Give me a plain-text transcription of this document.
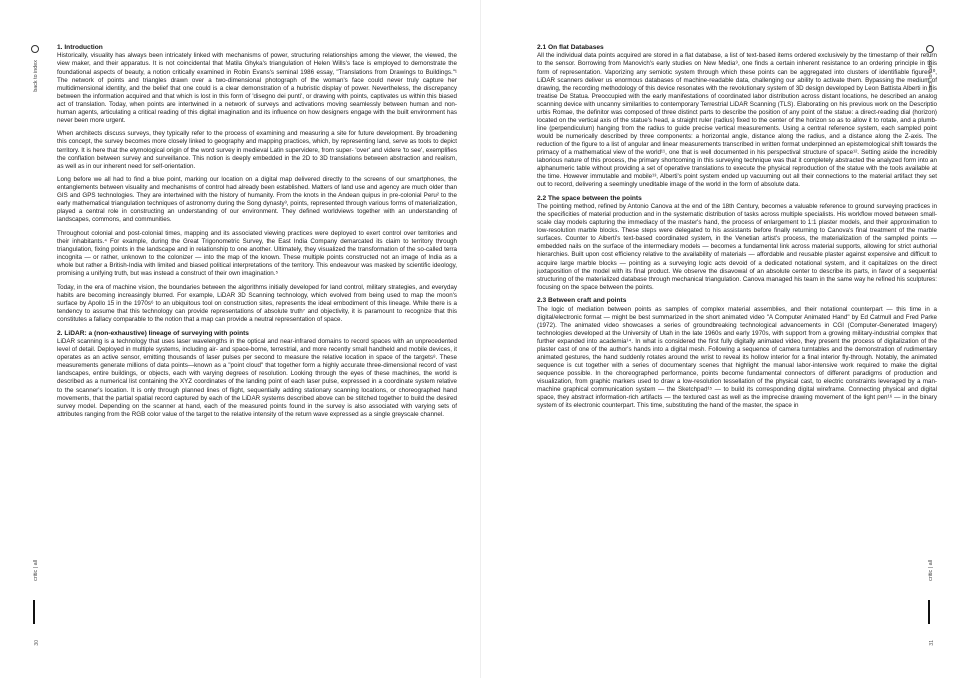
back to index
critic | all
30
1. Introduction

Historically, visuality has always been intricately linked with mechanisms of power, structuring relationships among the viewer, the viewed, the view maker, and their apparatus. It is not coincidental that Matila Ghyka's triangulation of Helen Wills's face is employed to demonstrate the foundational aspects of beauty, a notion critically examined in Robin Evans's seminal 1986 essay, "Translations from Drawings to Buildings."¹ The network of points and triangles drawn over a two-dimensional photograph of the woman's face could never truly capture her multidimensional identity, and the belief that one could is a clear demonstration of a hubristic display of power. Nevertheless, the discrepancy between the information acquired and that which is lost in this form of 'disegno dei punti', or drawing with points, captivates us within this biased act of translation. Today, when points are intertwined in a network of surveys and activations moving seamlessly between human and non-human agents, articulating a critical reading of this digital imagination and its influence on how designers engage with the built environment has never been more urgent.

When architects discuss surveys, they typically refer to the process of examining and measuring a site for future development. By broadening this concept, the survey becomes more closely linked to geography and mapping practices, which, by representing land, serve as tools to depict territory. It is here that the etymological origin of the word survey in medieval Latin supervidere, from super- 'over' and videre 'to see', exemplifies the conflation between survey and surveillance. This notion is deeply embedded in the 2D to 3D translations between abstraction and realism, as well as in our inherent need for self-orientation.

Long before we all had to find a blue point, marking our location on a digital map delivered directly to the screens of our smartphones, the entanglements between visuality and mechanisms of control had already been established. Matters of land use and agency are much older than GIS and GPS technologies. They are intertwined with the history of humanity. From the knots in the Andean quipus in pre-colonial Peru² to the early mathematical triangulation techniques of astronomy during the Song dynasty³, points, represented through various forms of materialization, played a central role in constructing an understanding of our environment. They defined worldviews together with an understanding of landscapes, commons, and communities.

Throughout colonial and post-colonial times, mapping and its associated viewing practices were deployed to exert control over territories and their inhabitants.⁴ For example, during the Great Trigonometric Survey, the East India Company demarcated its claim to territory through triangulation, fixing points in the landscape and in relationship to one another. Ultimately, they visualized the transformation of the so-called terra incognita — or rather, unknown to the colonizer — into the map of the known. These multiple points constructed not an image of India as a whole but rather a British-India with limited and biased political interpretations of the territory. This endeavour was masked by scientific ideology, promising a unifying truth, but was instead a construct of their own imagination.⁵

Today, in the era of machine vision, the boundaries between the algorithms initially developed for land control, military strategies, and everyday habits are becoming increasingly blurred. For example, LiDAR 3D Scanning technology, which evolved from being used to map the moon's surface by Apollo 15 in the 1970s⁶ to an ubiquitous tool on construction sites, represents the ideal embodiment of this lineage. While there is a tendency to assume that this technology can provide representations of absolute truth⁷ and objectivity, it is paramount to recognize that this constitutes a fallacy comparable to the notion that a map can provide a neutral representation of space.

2. LiDAR: a (non-exhaustive) lineage of surveying with points

LiDAR scanning is a technology that uses laser wavelengths in the optical and near-infrared domains to record spaces with an unprecedented level of detail. Deployed in multiple systems, including air- and space-borne, terrestrial, and more recently small handheld and mobile devices, it operates as an active sensor, emitting thousands of laser pulses per second to measure the relative location in space of the targets⁸. These measurements generate millions of data points—known as a "point cloud" that together form a highly accurate three-dimensional record of vast landscapes, entire buildings, or objects, each with varying degrees of resolution. Looking through the eyes of these machines, the world is described as a numerical list containing the XYZ coordinates of the landing point of each laser pulse, expressed in a coordinate system relative to the scanner's location. It is only through planned lines of flight, sequentially adding stationary scanning locations, or choreographed hand movements, that the partial spatial record captured by each of the LiDAR systems described above can be stitched together to build the desired survey model. Depending on the scanner at hand, each of the measured points found in the survey is also associated with varying sets of attributes ranging from the RGB color value of the target to the relative intensity of the return wave expressed as a single greyscale channel.

back to index
critic | all
31
2.1 On flat Databases

All the individual data points acquired are stored in a flat database, a list of text-based items ordered exclusively by the timestamp of their return to the sensor. Borrowing from Manovich's early studies on New Media⁹, one finds a certain inherent resistance to an ordering principle in this form of representation. Vaporizing any semiotic system through which these points can be aggregated into clusters of identifiable figures¹⁰, LiDAR scanners deliver us enormous databases of machine-readable data, challenging our ability to activate them. Bypassing the medium of drawing, the recording methodology of this device resonates with the revolutionary system of 3D design developed by Leon Battista Alberti in his treatise De Statua. Preoccupied with the early manifestations of coordinated labor distribution across distant locations, he described an analog scanning device with uncanny similarities to contemporary Terrestrial LiDAR Scanning (TLS). Elaborating on his previous work on the Descriptio urbis Romae, the definitor was composed of three distinct parts to describe the position of any point of the statue: a direct-reading dial (horizon) located on the vertical axis of the statue's head, a straight ruler (radius) fixed to the center of the horizon so as to allow it to rotate, and a plumb-line (perpendiculum) hanging from the radius to guide precise vertical measurements. Using a central reference system, each sampled point would be numerically described by three components: a horizontal angle, distance along the radius, and a distance along the Z-axis. The reduction of the figure to a list of angular and linear measurements transcribed in written format underpinned an epistemological shift towards the primacy of a mathematical view of the world¹¹, one that is well documented in his perspectival structure of space¹². Setting aside the incredibly laborious nature of this process, the primary shortcoming in this surveying technique was that it completely abstracted the analyzed form into an alphanumeric table without providing a set of operative translations to execute the physical reproduction of the statue with the tools available at the time. However immutable and mobile¹³, Alberti's point system ended up vacuuming out all their connections to the material artifact they set out to record, delivering a seemingly uneditable image of the world in the form of absolute data.

2.2 The space between the points

The pointing method, refined by Antonio Canova at the end of the 18th Century, becomes a valuable reference to ground surveying practices in the specificities of material production and in the systematic distribution of tasks across multiple specialists. His workflow moved between small-scale clay models capturing the immediacy of the master's hand, the process of enlargement to 1:1 plaster models, and their approximation to low-resolution marble blocks. These steps were delegated to his assistants before finally returning to Canova's final treatment of the marble surfaces. Counter to Alberti's text-based coordinated system, in the Venetian artist's process, the materialization of the sampled points — embedded nails on the surface of the intermediary models — becomes a fundamental link across material supports, allowing for strict authorial hierarchies. Built upon cost efficiency relative to the availability of materials — affordable and reusable plaster against expensive and difficult to acquire large marble blocks — pointing as a surveying logic acts devoid of a dedicated notational system, and it capitalizes on the direct juxtaposition of the model with its final product. We observe the disavowal of an absolute center to describe its parts, in favor of a sequential structuring of the materialized database through mechanical triangulation. Canova managed his team in the same way he refined his sculptures: focusing on the space between the points.

2.3 Between craft and points

The logic of mediation between points as samples of complex material assemblies, and their notational counterpart — this time in a digital/electronic format — might be best summarized in the short animated video "A Computer Animated Hand" by Ed Catmull and Fred Parke (1972). The animated video showcases a series of groundbreaking technological advancements in CGI (Computer-Generated Imagery) technologies developed at the University of Utah in the late 1960s and early 1970s, with support from a growing military-industrial complex that further expanded into academia¹⁴. In what is considered the first fully digitally animated video, they present the process of digitalization of the plaster cast of one of the author's hands into a digital mesh. Following a sequence of camera turntables and the demonstration of rudimentary animated gestures, the hand suddenly rotates around the wrist to reveal its hollow interior for a final interior fly-through. Notably, the animated sequence is cut together with a series of documentary scenes that highlight the manual labor-intensive work required to make the digital sequence possible. In the choreographed performance, points become fundamental connectors of different paradigms of production and visualization, from graphic markers used to draw a low-resolution tessellation of the physical cast, to electric constraints leveraged by a man-machine graphical communication system — the Sketchpad¹⁵ — to build its corresponding digital wireframe. Connecting physical and digital space, they abstract information-rich artifacts — the textured cast as well as the imprecise drawing movement of the light pen¹⁶ — in the binary system of its electronic counterpart. This time, substituting the hand of the master, the space in
